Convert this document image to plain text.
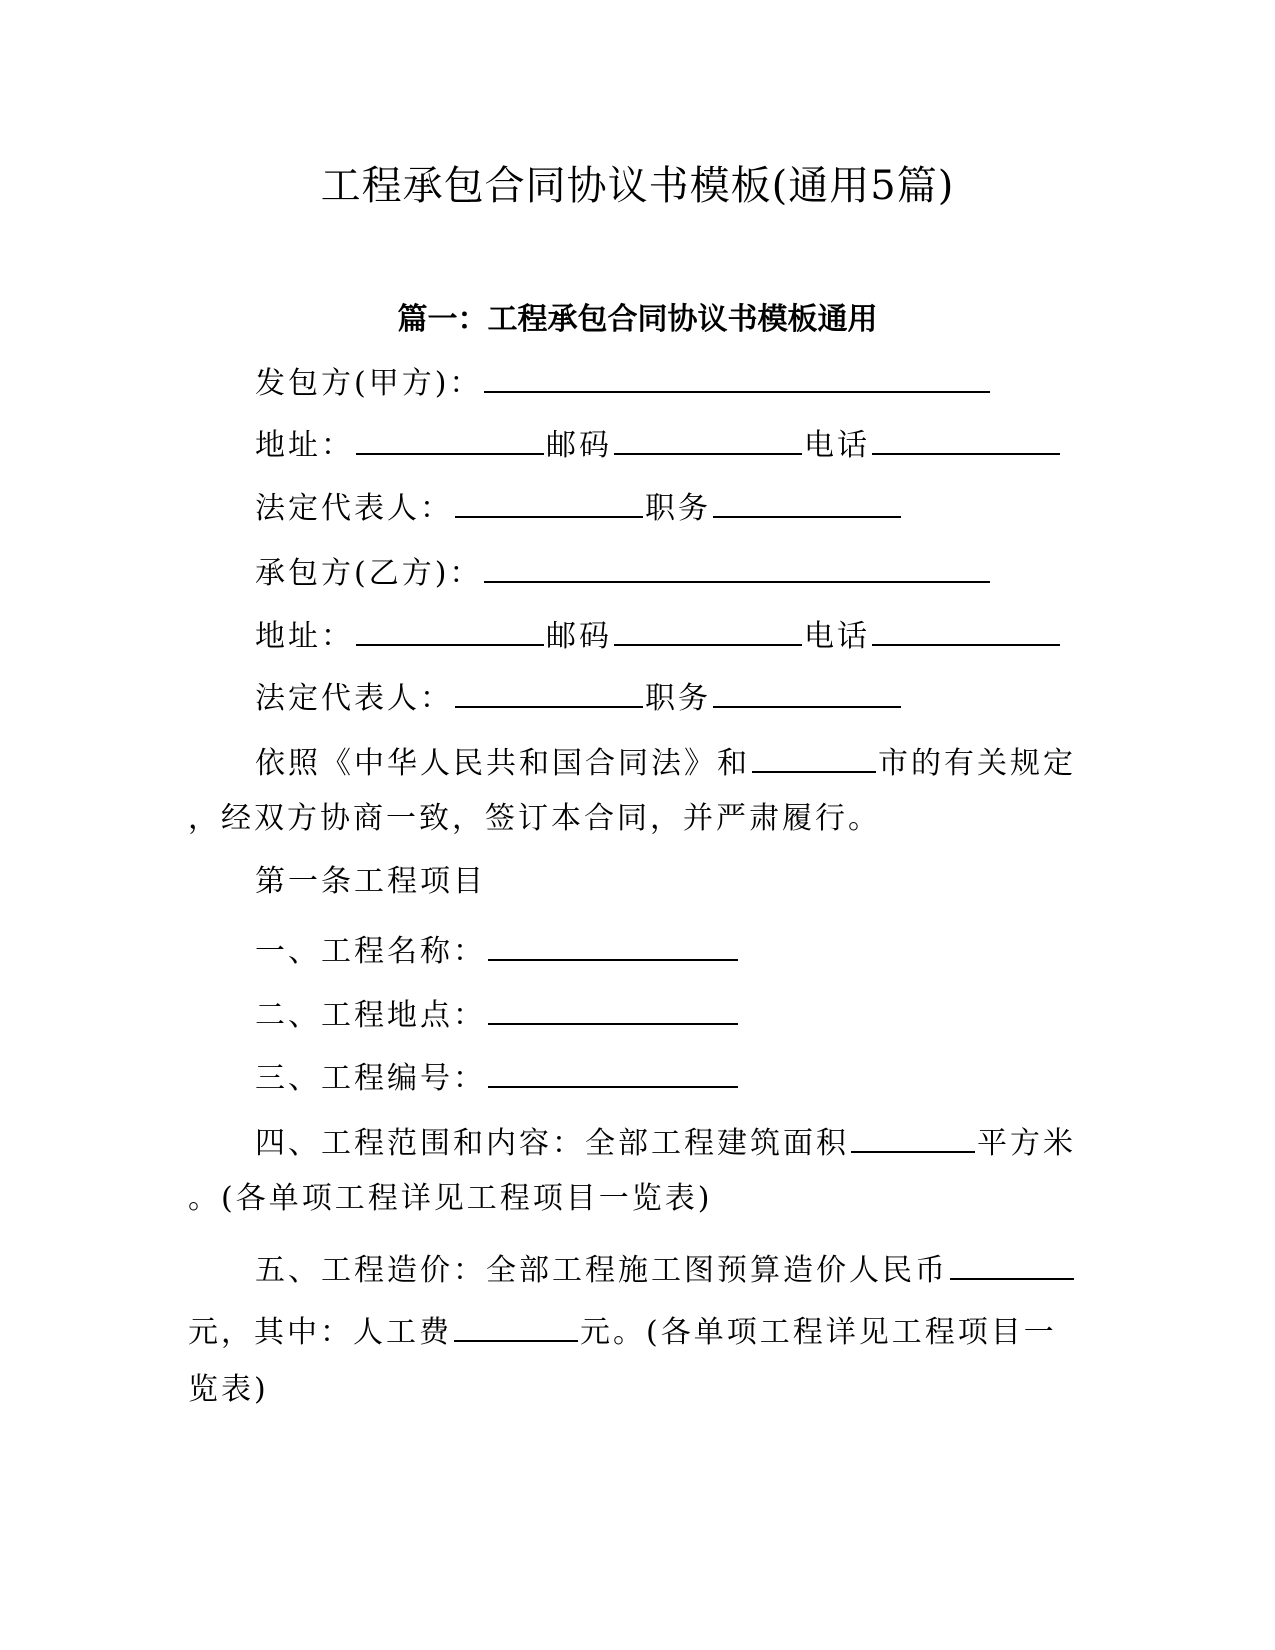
工程承包合同协议书模板(通用5篇)
篇一：工程承包合同协议书模板通用
发包方(甲方)：
地址：	邮码	电话
法定代表人：	职务
承包方(乙方)：
地址：	邮码	电话
法定代表人：	职务
依照《中华人民共和国合同法》和	市的有关规定
，经双方协商一致，签订本合同，并严肃履行。
第一条工程项目
一、工程名称：
二、工程地点：
三、工程编号：
四、工程范围和内容：全部工程建筑面积	平方米
。(各单项工程详见工程项目一览表)
五、工程造价：全部工程施工图预算造价人民币
元，其中：人工费	元。(各单项工程详见工程项目一
览表)
